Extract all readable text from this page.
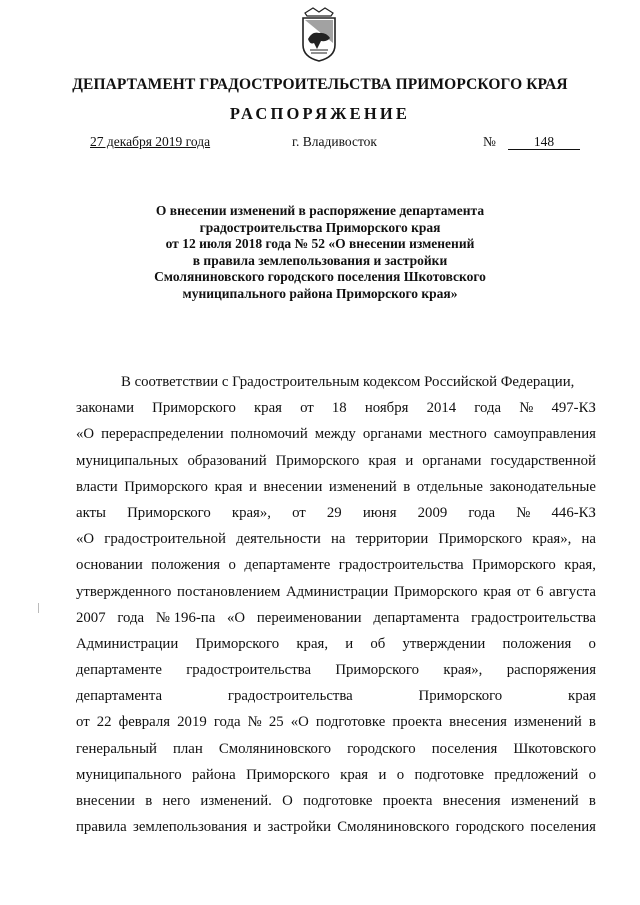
ДЕПАРТАМЕНТ ГРАДОСТРОИТЕЛЬСТВА ПРИМОРСКОГО КРАЯ
РАСПОРЯЖЕНИЕ
27 декабря 2019 года	г. Владивосток	№	148
О внесении изменений в распоряжение департамента
градостроительства Приморского края
от 12 июля 2018 года № 52 «О внесении изменений
в правила землепользования и застройки
Смоляниновского городского поселения Шкотовского
муниципального района Приморского края»
В соответствии с Градостроительным кодексом Российской Федерации,
законами Приморского края от 18 ноября 2014 года № 497-КЗ
«О перераспределении полномочий между органами местного самоуправления
муниципальных образований Приморского края и органами государственной
власти Приморского края и внесении изменений в отдельные законодательные
акты Приморского края», от 29 июня 2009 года № 446-КЗ
«О градостроительной деятельности на территории Приморского края», на
основании положения о департаменте градостроительства Приморского края,
утвержденного постановлением Администрации Приморского края от 6 августа
2007 года № 196-па «О переименовании департамента градостроительства
Администрации Приморского края, и об утверждении положения о
департаменте градостроительства Приморского края», распоряжения
департамента	градостроительства	Приморского	края
от 22 февраля 2019 года № 25 «О подготовке проекта внесения изменений в
генеральный план Смоляниновского городского поселения Шкотовского
муниципального района Приморского края и о подготовке предложений о
внесении в него изменений. О подготовке проекта внесения изменений в
правила землепользования и застройки Смоляниновского городского поселения
